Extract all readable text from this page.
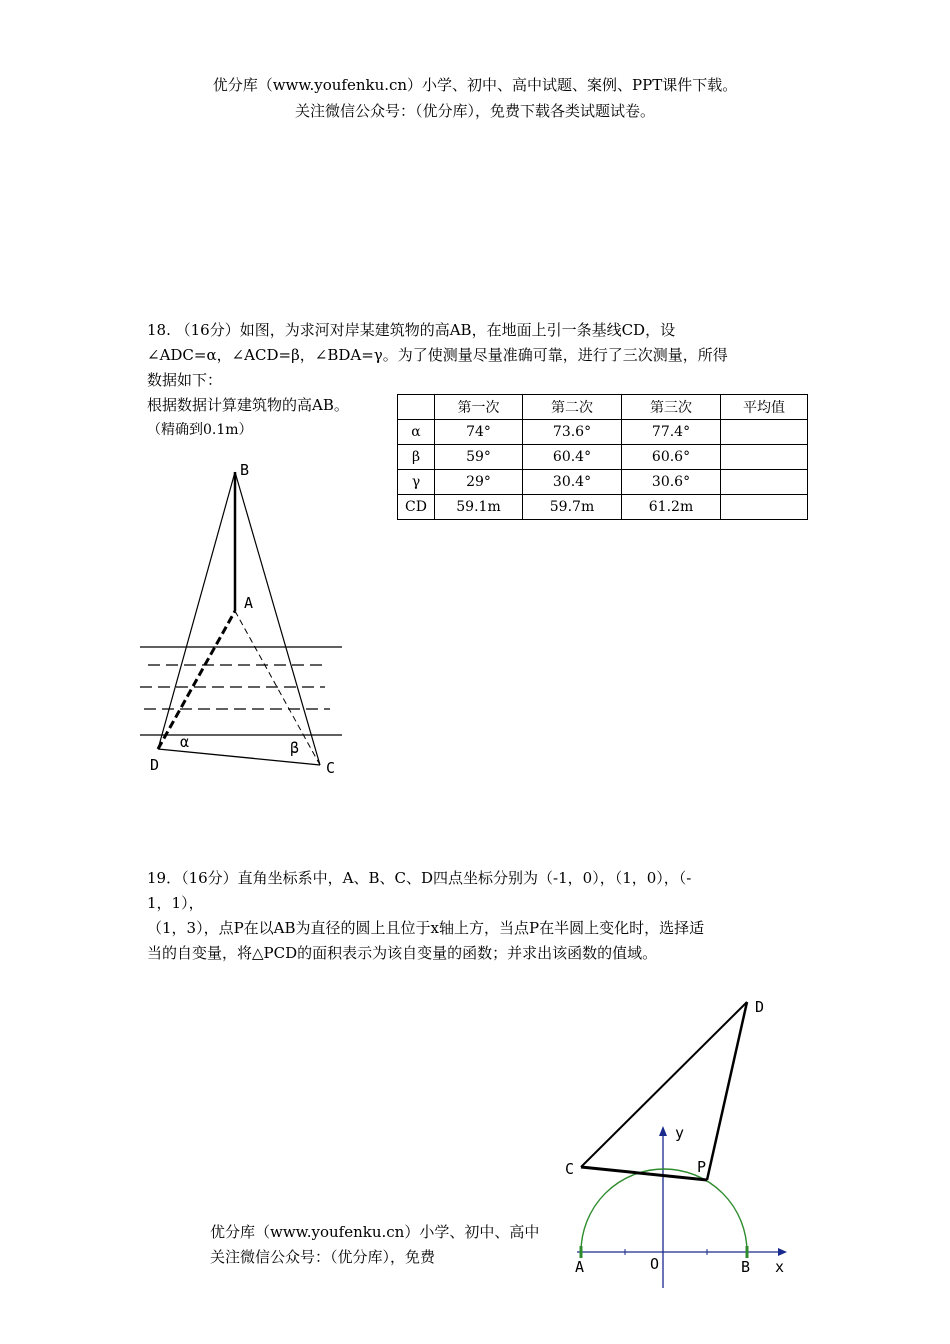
优分库（www.youfenku.cn）小学、初中、高中试题、案例、PPT课件下载。
关注微信公众号：（优分库），免费下载各类试题试卷。
18. （16分）如图，为求河对岸某建筑物的高AB，在地面上引一条基线CD，设
∠ADC=α，∠ACD=β，∠BDA=γ。为了使测量尽量准确可靠，进行了三次测量，所得
数据如下：
根据数据计算建筑物的高AB。
（精确到0.1m）
	第一次	第二次	第三次	平均值
α	74°	73.6°	77.4°	
β	59°	60.4°	60.6°	
γ	29°	30.4°	30.6°	
CD	59.1m	59.7m	61.2m	
B
A
D	C
α	β
19．（16分）直角坐标系中，A、B、C、D四点坐标分别为（-1，0），（1，0），（-
1，1），
（1，3），点P在以AB为直径的圆上且位于x轴上方，当点P在半圆上变化时，选择适
当的自变量，将△PCD的面积表示为该自变量的函数；并求出该函数的值域。
D
C	P
y
x
A	O	B
优分库（www.youfenku.cn）小学、初中、高中
关注微信公众号：（优分库），免费
